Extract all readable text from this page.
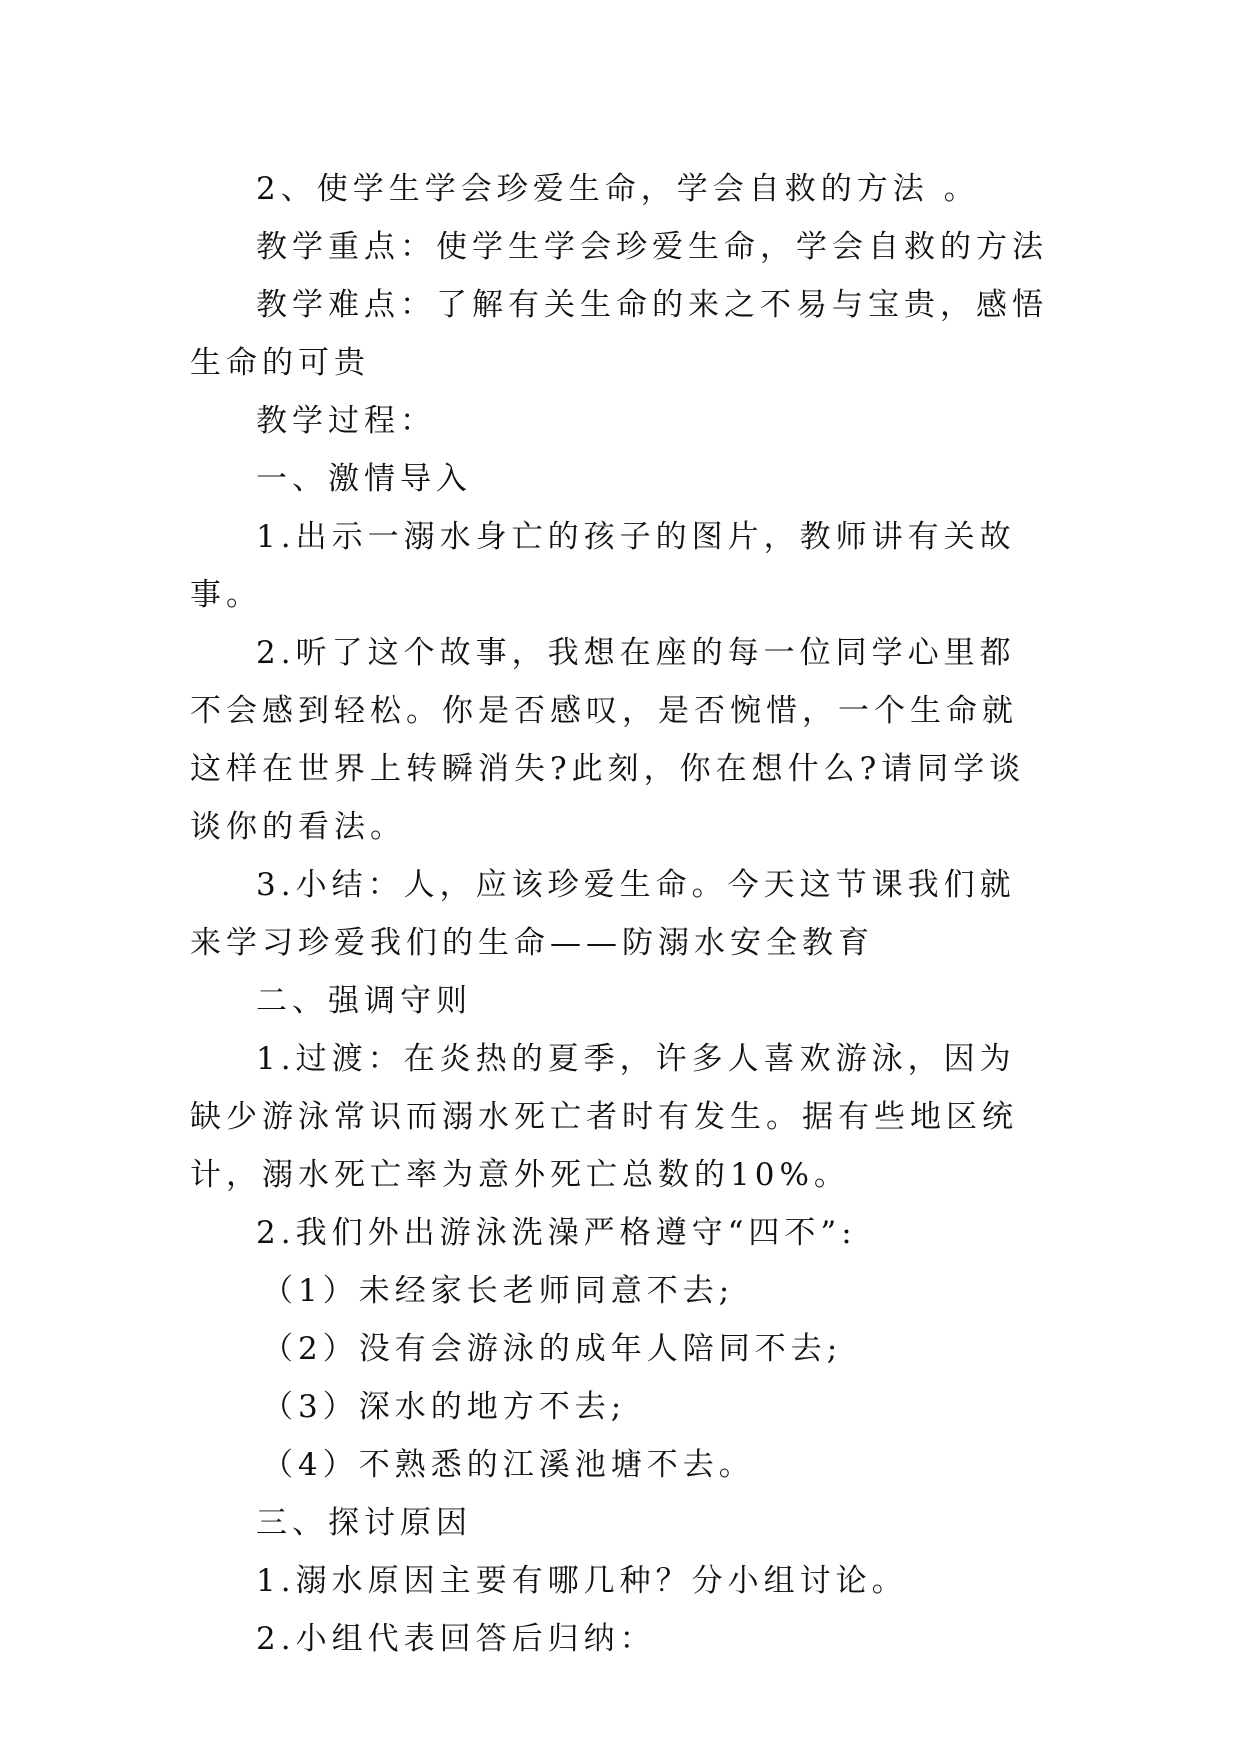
2、使学生学会珍爱生命，学会自救的方法 。

教学重点：使学生学会珍爱生命，学会自救的方法

教学难点：了解有关生命的来之不易与宝贵，感悟生命的可贵

教学过程：

一、激情导入

1.出示一溺水身亡的孩子的图片，教师讲有关故事。

2.听了这个故事，我想在座的每一位同学心里都不会感到轻松。你是否感叹，是否惋惜，一个生命就这样在世界上转瞬消失?此刻，你在想什么?请同学谈谈你的看法。

3.小结：人，应该珍爱生命。今天这节课我们就来学习珍爱我们的生命——防溺水安全教育

二、强调守则

1.过渡：在炎热的夏季，许多人喜欢游泳，因为缺少游泳常识而溺水死亡者时有发生。据有些地区统计，溺水死亡率为意外死亡总数的10%。

2.我们外出游泳洗澡严格遵守“四不”:

（1）未经家长老师同意不去;

（2）没有会游泳的成年人陪同不去;

（3）深水的地方不去;

（4）不熟悉的江溪池塘不去。

三、探讨原因

1.溺水原因主要有哪几种？分小组讨论。

2.小组代表回答后归纳：
